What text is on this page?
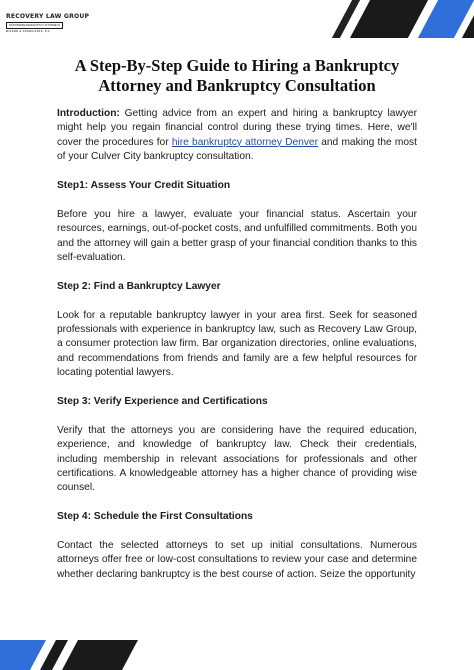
RECOVERY LAW GROUP
NATIONWIDE BANKRUPTCY ATTORNEYS
WILSON & ASSOCIATES, P.C.
A Step-By-Step Guide to Hiring a Bankruptcy Attorney and Bankruptcy Consultation

Introduction: Getting advice from an expert and hiring a bankruptcy lawyer might help you regain financial control during these trying times. Here, we'll cover the procedures for hire bankruptcy attorney Denver and making the most of your Culver City bankruptcy consultation.

Step1: Assess Your Credit Situation

Before you hire a lawyer, evaluate your financial status. Ascertain your resources, earnings, out-of-pocket costs, and unfulfilled commitments. Both you and the attorney will gain a better grasp of your financial condition thanks to this self-evaluation.

Step 2: Find a Bankruptcy Lawyer

Look for a reputable bankruptcy lawyer in your area first. Seek for seasoned professionals with experience in bankruptcy law, such as Recovery Law Group, a consumer protection law firm. Bar organization directories, online evaluations, and recommendations from friends and family are a few helpful resources for locating potential lawyers.

Step 3: Verify Experience and Certifications

Verify that the attorneys you are considering have the required education, experience, and knowledge of bankruptcy law. Check their credentials, including membership in relevant associations for professionals and other certifications. A knowledgeable attorney has a higher chance of providing wise counsel.

Step 4: Schedule the First Consultations

Contact the selected attorneys to set up initial consultations. Numerous attorneys offer free or low-cost consultations to review your case and determine whether declaring bankruptcy is the best course of action. Seize the opportunity
